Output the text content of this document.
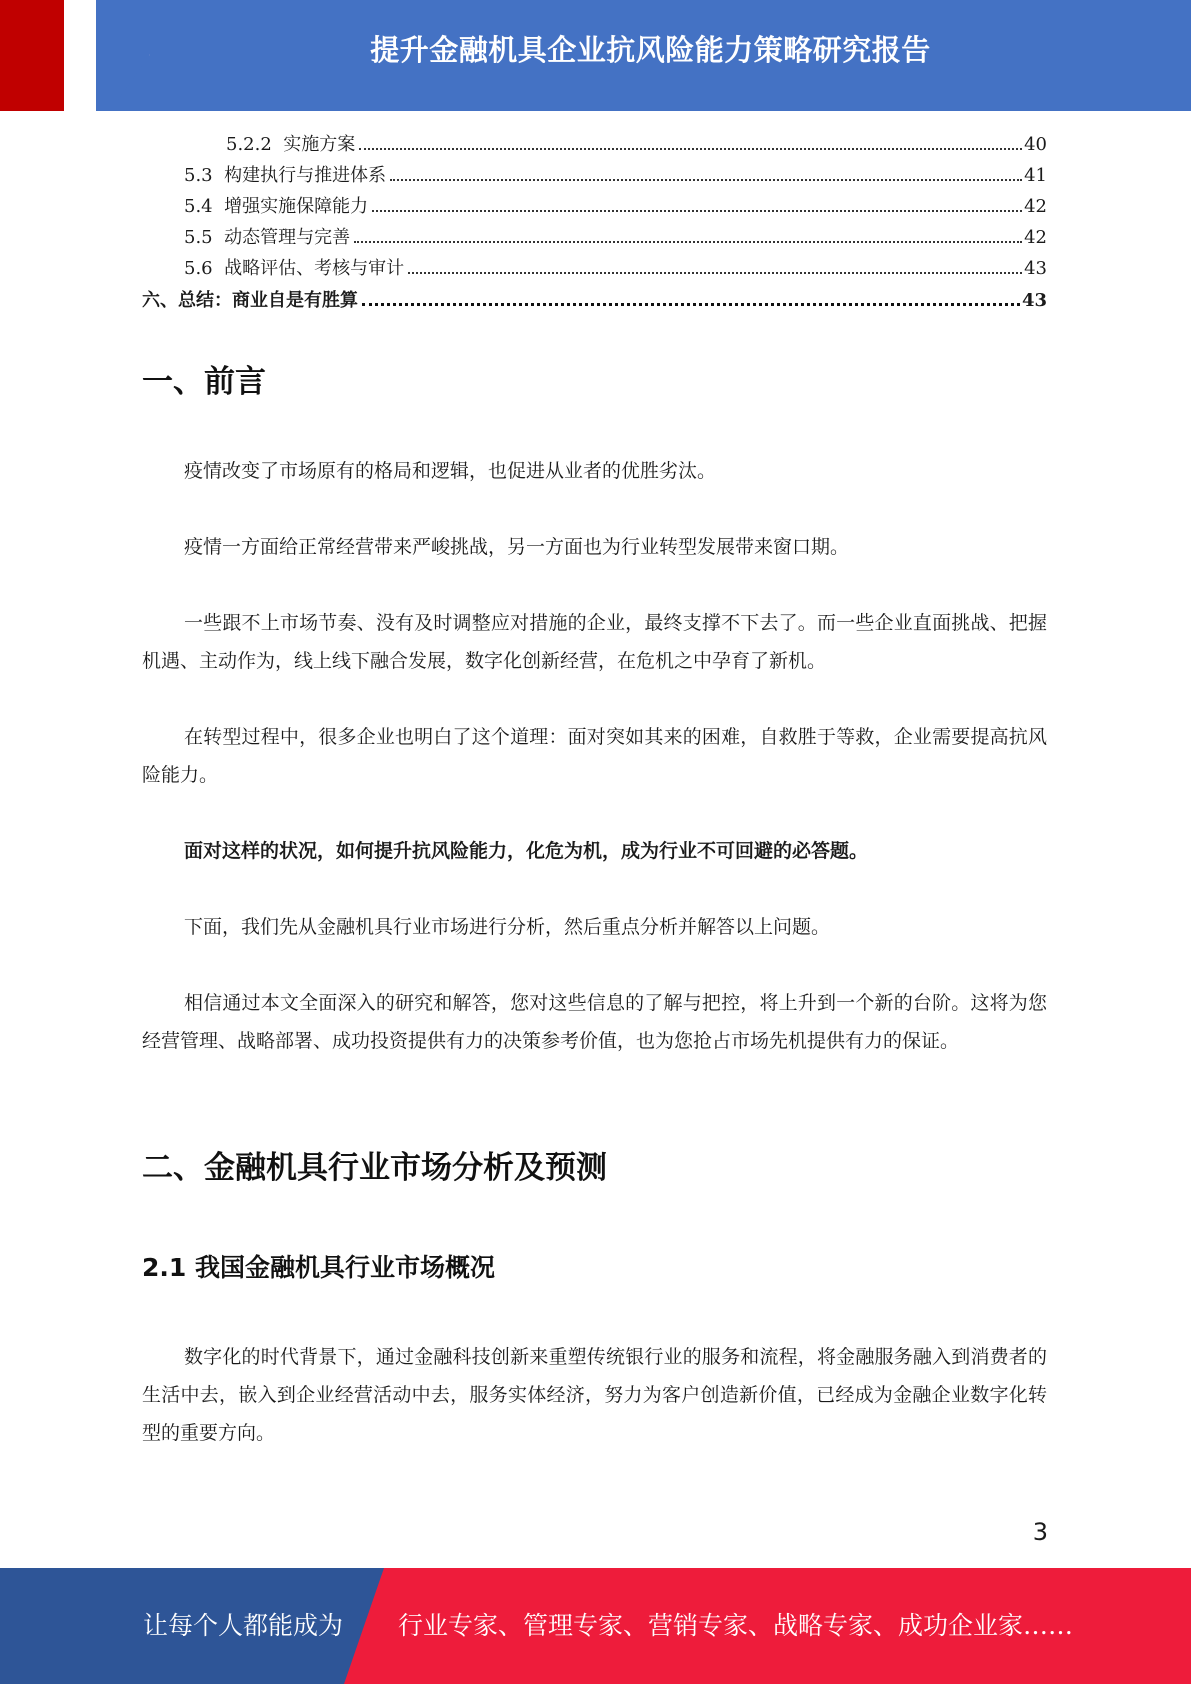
提升金融机具企业抗风险能力策略研究报告
5.2.2 实施方案	40
5.3 构建执行与推进体系	41
5.4 增强实施保障能力	42
5.5 动态管理与完善	42
5.6 战略评估、考核与审计	43
六、总结：商业自是有胜算	43
一、前言

疫情改变了市场原有的格局和逻辑，也促进从业者的优胜劣汰。

疫情一方面给正常经营带来严峻挑战，另一方面也为行业转型发展带来窗口期。

一些跟不上市场节奏、没有及时调整应对措施的企业，最终支撑不下去了。而一些企业直面挑战、把握机遇、主动作为，线上线下融合发展，数字化创新经营，在危机之中孕育了新机。

在转型过程中，很多企业也明白了这个道理：面对突如其来的困难，自救胜于等救，企业需要提高抗风险能力。

面对这样的状况，如何提升抗风险能力，化危为机，成为行业不可回避的必答题。

下面，我们先从金融机具行业市场进行分析，然后重点分析并解答以上问题。

相信通过本文全面深入的研究和解答，您对这些信息的了解与把控，将上升到一个新的台阶。这将为您经营管理、战略部署、成功投资提供有力的决策参考价值，也为您抢占市场先机提供有力的保证。

二、金融机具行业市场分析及预测
2.1 我国金融机具行业市场概况

数字化的时代背景下，通过金融科技创新来重塑传统银行业的服务和流程，将金融服务融入到消费者的生活中去，嵌入到企业经营活动中去，服务实体经济，努力为客户创造新价值，已经成为金融企业数字化转型的重要方向。

3
让每个人都能成为 行业专家、管理专家、营销专家、战略专家、成功企业家……
